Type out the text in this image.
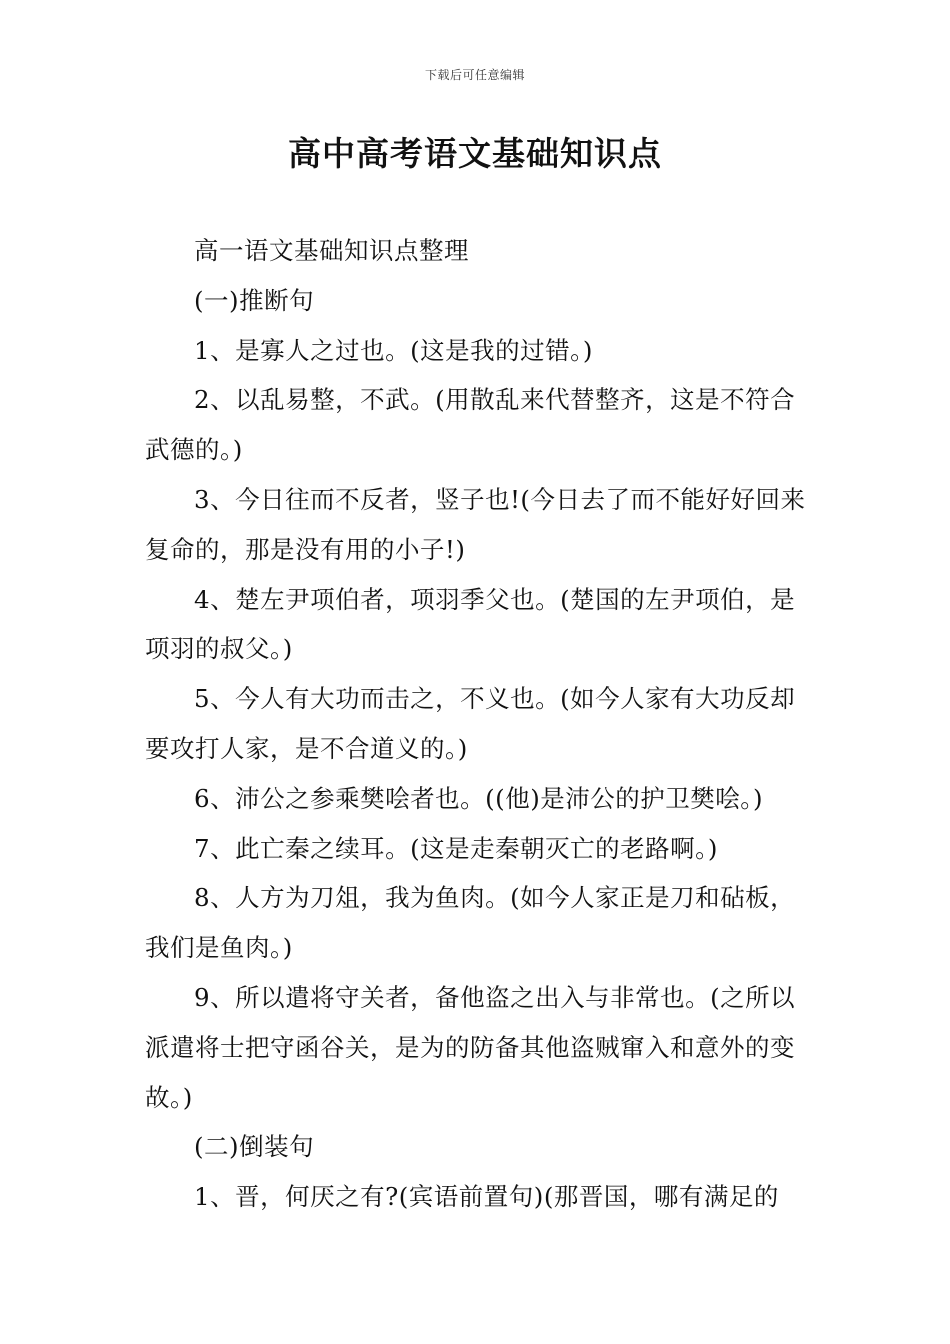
下载后可任意编辑
高中高考语文基础知识点

高一语文基础知识点整理

(一)推断句

1、是寡人之过也。(这是我的过错。)

2、以乱易整，不武。(用散乱来代替整齐，这是不符合武德的。)

3、今日往而不反者，竖子也!(今日去了而不能好好回来复命的，那是没有用的小子!)

4、楚左尹项伯者，项羽季父也。(楚国的左尹项伯，是项羽的叔父。)

5、今人有大功而击之，不义也。(如今人家有大功反却要攻打人家，是不合道义的。)

6、沛公之参乘樊哙者也。((他)是沛公的护卫樊哙。)

7、此亡秦之续耳。(这是走秦朝灭亡的老路啊。)

8、人方为刀俎，我为鱼肉。(如今人家正是刀和砧板，我们是鱼肉。)

9、所以遣将守关者，备他盗之出入与非常也。(之所以派遣将士把守函谷关，是为的防备其他盗贼窜入和意外的变故。)

(二)倒装句

1、晋，何厌之有?(宾语前置句)(那晋国，哪有满足的
